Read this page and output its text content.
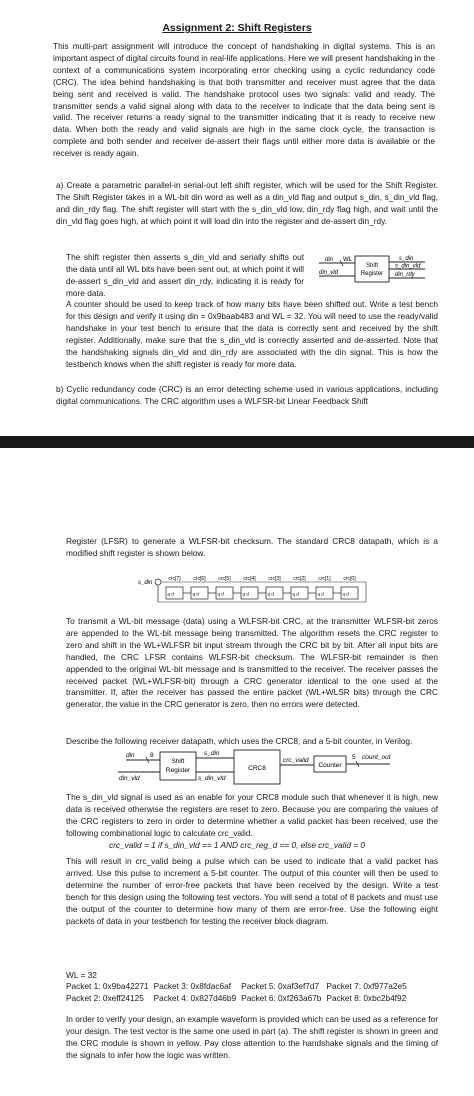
Assignment 2: Shift Registers

This multi-part assignment will introduce the concept of handshaking in digital systems. This is an important aspect of digital circuits found in real-life applications. Here we will present handshaking in the context of a communications system incorporating error checking using a cyclic redundancy code (CRC). The idea behind handshaking is that both transmitter and receiver must agree that the data being sent and received is valid. The handshake protocol uses two signals: valid and ready. The transmitter sends a valid signal along with data to the receiver to indicate that the data being sent is valid. The receiver returns a ready signal to the transmitter indicating that it is ready to receive new data. When both the ready and valid signals are high in the same clock cycle, the transaction is complete and both sender and receiver de-assert their flags until either more data is available or the receiver is ready again.

a) Create a parametric parallel-in serial-out left shift register, which will be used for the Shift Register. The Shift Register takes in a WL-bit din word as well as a din_vld flag and output s_din, s_din_vld flag, and din_rdy flag. The shift register will start with the s_din_vld low, din_rdy flag high, and wait until the din_vld flag goes high, at which point it will load din into the register and de-assert din_rdy.

The shift register then asserts s_din_vld and serially shifts out the data until all WL bits have been sent out, at which point it will de-assert s_din_vld and assert din_rdy, indicating it is ready for more data.

din WL
din_vld
Shift
Register
s_din
s_din_vld
din_rdy

A counter should be used to keep track of how many bits have been shifted out. Write a test bench for this design and verify it using din = 0x9baab483 and WL = 32. You will need to use the ready/valid handshake in your test bench to ensure that the data is correctly sent and received by the shift register. Additionally, make sure that the s_din_vld is correctly asserted and de-asserted. Note that the handshaking signals din_vld and din_rdy are associated with the din signal. This is how the testbench knows when the shift register is ready for more data.

b) Cyclic redundancy code (CRC) is an error detecting scheme used in various applications, including digital communications. The CRC algorithm uses a WLFSR-bit Linear Feedback Shift

Register (LFSR) to generate a WLFSR-bit checksum. The standard CRC8 datapath, which is a modified shift register is shown below.

s_din
crc[7]
q d
crc[6]
q d
crc[5]
q d
crc[4]
q d
crc[3]
q d
crc[2]
q d
crc[1]
q d
crc[0]
q d

To transmit a WL-bit message (data) using a WLFSR-bit CRC, at the transmitter WLFSR-bit zeros are appended to the WL-bit message being transmitted. The algorithm resets the CRC register to zero and shift in the WL+WLFSR bit input stream through the CRC bit by bit. After all input bits are handled, the CRC LFSR contains WLFSR-bit checksum. The WLFSR-bit remainder is then appended to the original WL-bit message and is transmitted to the receiver. The receiver passes the received packet (WL+WLFSR-bit) through a CRC generator identical to the one used at the transmitter. If, after the receiver has passed the entire packet (WL+WLSR bits) through the CRC generator, the value in the CRC generator is zero, then no errors were detected.

Describe the following receiver datapath, which uses the CRC8, and a 5-bit counter, in Verilog.

din 8
din_vld
Shift
Register
s_din
s_din_vld
CRC8
crc_valid
Counter
5 count_out

The s_din_vld signal is used as an enable for your CRC8 module such that whenever it is high, new data is received otherwise the registers are reset to zero. Because you are comparing the values of the CRC registers to zero in order to determine whether a valid packet has been received, use the following combinational logic to calculate crc_valid.

crc_valid = 1 if s_din_vld == 1 AND crc_reg_d == 0, else crc_valid = 0

This will result in crc_valid being a pulse which can be used to indicate that a valid packet has arrived. Use this pulse to increment a 5-bit counter. The output of this counter will then be used to determine the number of error-free packets that have been received by the design. Write a test bench for this design using the following test vectors. You will send a total of 8 packets and must use the output of the counter to determine how many of them are error-free. Use the following eight packets of data in your testbench for testing the receiver block diagram.

WL = 32
Packet 1: 0x9ba42271	Packet 3: 0x8fdac6af	Packet 5: 0xaf3ef7d7	Packet 7: 0xf977a2e5
Packet 2: 0xeff24125	Packet 4: 0x827d46b9	Packet 6: 0xf263a67b	Packet 8: 0xbc2b4f92

In order to verify your design, an example waveform is provided which can be used as a reference for your design. The test vector is the same one used in part (a). The shift register is shown in green and the CRC module is shown in yellow. Pay close attention to the handshake signals and the timing of the signals to infer how the logic was written.
